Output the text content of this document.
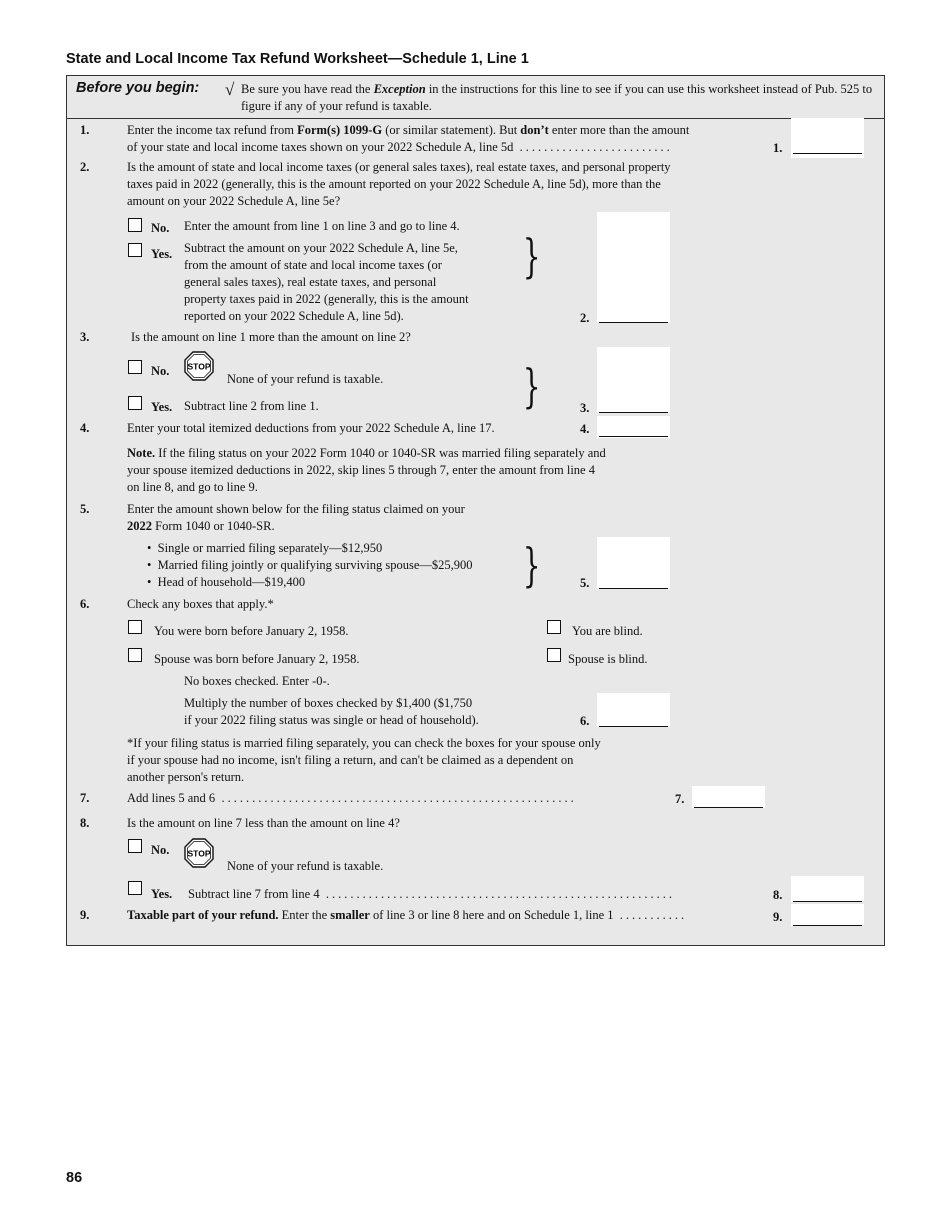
State and Local Income Tax Refund Worksheet—Schedule 1, Line 1
Before you begin: √ Be sure you have read the Exception in the instructions for this line to see if you can use this worksheet instead of Pub. 525 to figure if any of your refund is taxable.
1.	Enter the income tax refund from Form(s) 1099-G (or similar statement). But don’t enter more than the amount
of your state and local income taxes shown on your 2022 Schedule A, line 5d .........................	1.
2.	Is the amount of state and local income taxes (or general sales taxes), real estate taxes, and personal property
taxes paid in 2022 (generally, this is the amount reported on your 2022 Schedule A, line 5d), more than the
amount on your 2022 Schedule A, line 5e?
No. Enter the amount from line 1 on line 3 and go to line 4.
Yes. Subtract the amount on your 2022 Schedule A, line 5e,
from the amount of state and local income taxes (or
general sales taxes), real estate taxes, and personal
property taxes paid in 2022 (generally, this is the amount
reported on your 2022 Schedule A, line 5d).
}
2.
3.	Is the amount on line 1 more than the amount on line 2?
No. STOP
None of your refund is taxable.
Yes. Subtract line 2 from line 1.	}	3.
4.	Enter your total itemized deductions from your 2022 Schedule A, line 17.	4.
Note. If the filing status on your 2022 Form 1040 or 1040-SR was married filing separately and
your spouse itemized deductions in 2022, skip lines 5 through 7, enter the amount from line 4
on line 8, and go to line 9.
5.	Enter the amount shown below for the filing status claimed on your
2022 Form 1040 or 1040-SR.
•  Single or married filing separately—$12,950
•  Married filing jointly or qualifying surviving spouse—$25,900
•  Head of household—$19,400	}	5.
6.	Check any boxes that apply.*
You were born before January 2, 1958.	You are blind.
Spouse was born before January 2, 1958.	Spouse is blind.
No boxes checked. Enter -0-.
Multiply the number of boxes checked by $1,400 ($1,750
if your 2022 filing status was single or head of household).	6.
*If your filing status is married filing separately, you can check the boxes for your spouse only
if your spouse had no income, isn't filing a return, and can't be claimed as a dependent on
another person's return.
7.	Add lines 5 and 6 ..........................................................	7.
8.	Is the amount on line 7 less than the amount on line 4?
No. STOP
None of your refund is taxable.
Yes. Subtract line 7 from line 4 .........................................................	8.
9.	Taxable part of your refund. Enter the smaller of line 3 or line 8 here and on Schedule 1, line 1 ...........	9.
86
